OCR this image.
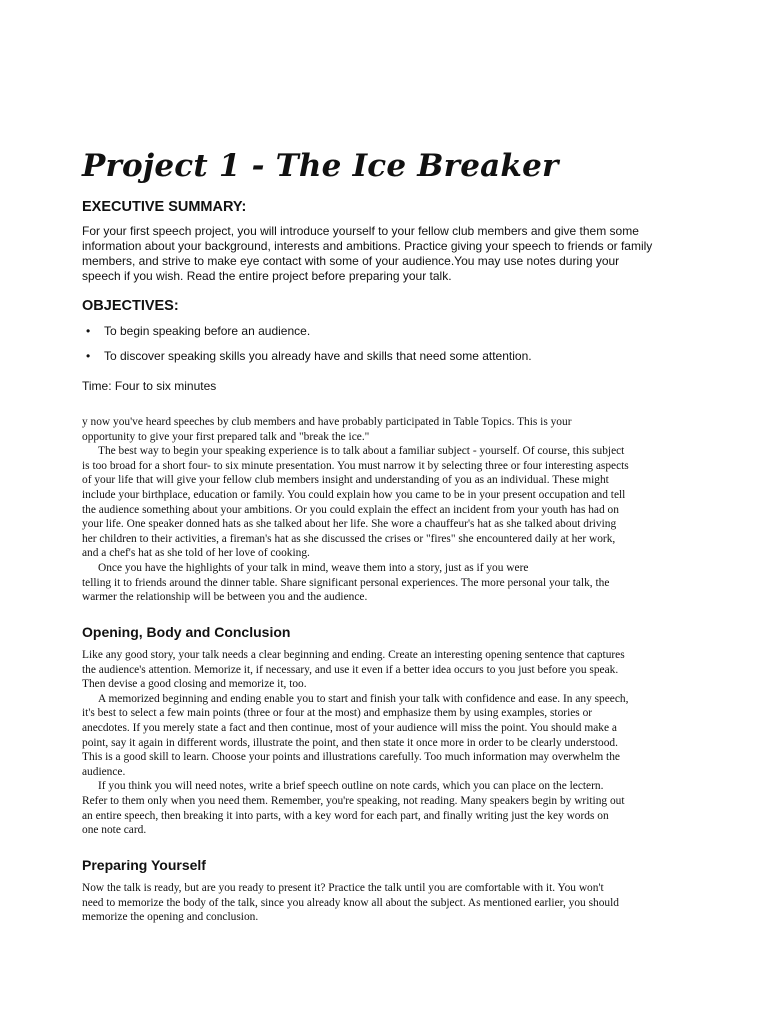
Project 1 - The Ice Breaker
EXECUTIVE SUMMARY:
For your first speech project, you will introduce yourself to your fellow club members and give them some
information about your background, interests and ambitions. Practice giving your speech to friends or family
members, and strive to make eye contact with some of your audience.You may use notes during your
speech if you wish. Read the entire project before preparing your talk.
OBJECTIVES:
• To begin speaking before an audience.
• To discover speaking skills you already have and skills that need some attention.
Time: Four to six minutes
y now you've heard speeches by club members and have probably participated in Table Topics. This is your
opportunity to give your first prepared talk and "break the ice."
The best way to begin your speaking experience is to talk about a familiar subject - yourself. Of course, this subject
is too broad for a short four- to six minute presentation. You must narrow it by selecting three or four interesting aspects
of your life that will give your fellow club members insight and understanding of you as an individual. These might
include your birthplace, education or family. You could explain how you came to be in your present occupation and tell
the audience something about your ambitions. Or you could explain the effect an incident from your youth has had on
your life. One speaker donned hats as she talked about her life. She wore a chauffeur's hat as she talked about driving
her children to their activities, a fireman's hat as she discussed the crises or "fires" she encountered daily at her work,
and a chef's hat as she told of her love of cooking.
Once you have the highlights of your talk in mind, weave them into a story, just as if you were
telling it to friends around the dinner table. Share significant personal experiences. The more personal your talk, the
warmer the relationship will be between you and the audience.
Opening, Body and Conclusion
Like any good story, your talk needs a clear beginning and ending. Create an interesting opening sentence that captures
the audience's attention. Memorize it, if necessary, and use it even if a better idea occurs to you just before you speak.
Then devise a good closing and memorize it, too.
A memorized beginning and ending enable you to start and finish your talk with confidence and ease. In any speech,
it's best to select a few main points (three or four at the most) and emphasize them by using examples, stories or
anecdotes. If you merely state a fact and then continue, most of your audience will miss the point. You should make a
point, say it again in different words, illustrate the point, and then state it once more in order to be clearly understood.
This is a good skill to learn. Choose your points and illustrations carefully. Too much information may overwhelm the
audience.
If you think you will need notes, write a brief speech outline on note cards, which you can place on the lectern.
Refer to them only when you need them. Remember, you're speaking, not reading. Many speakers begin by writing out
an entire speech, then breaking it into parts, with a key word for each part, and finally writing just the key words on
one note card.
Preparing Yourself
Now the talk is ready, but are you ready to present it? Practice the talk until you are comfortable with it. You won't
need to memorize the body of the talk, since you already know all about the subject. As mentioned earlier, you should
memorize the opening and conclusion.
